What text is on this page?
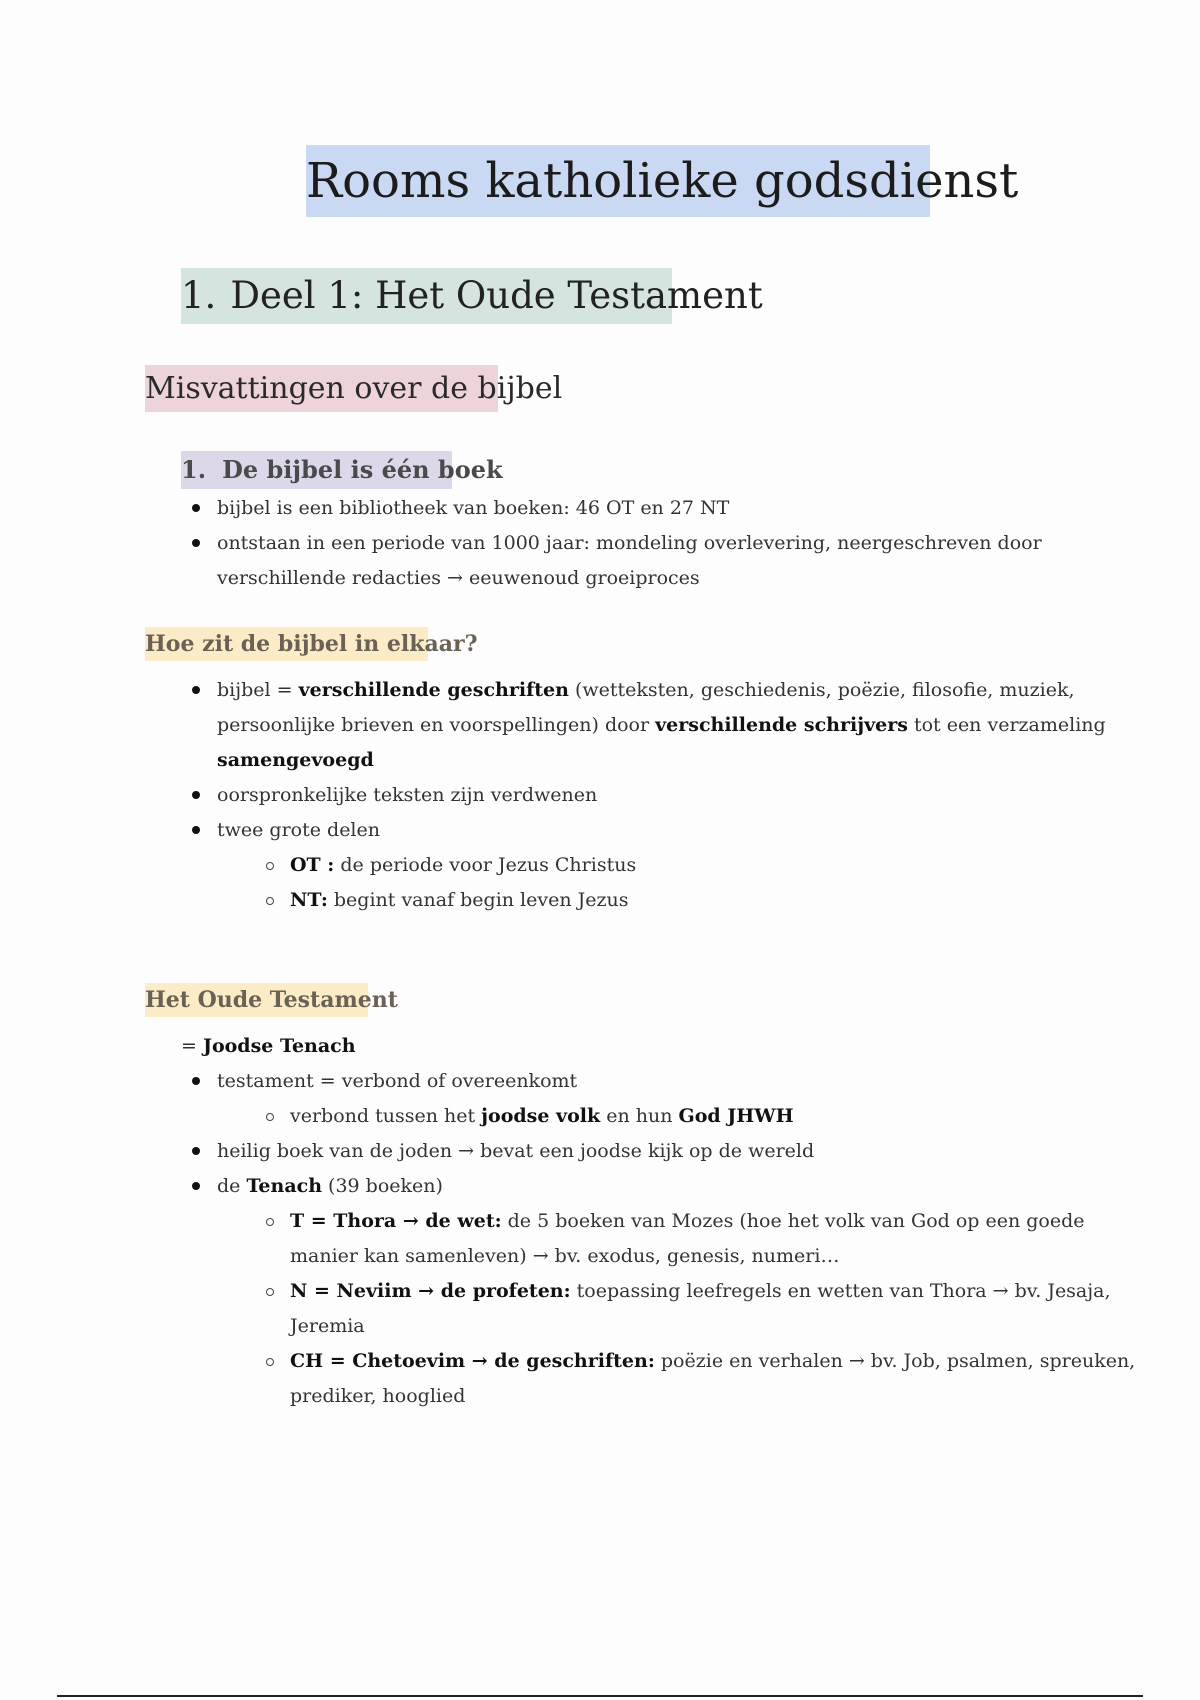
Rooms katholieke godsdienst
1. Deel 1: Het Oude Testament
Misvattingen over de bijbel
1. De bijbel is één boek
bijbel is een bibliotheek van boeken: 46 OT en 27 NT
ontstaan in een periode van 1000 jaar: mondeling overlevering, neergeschreven door
verschillende redacties → eeuwenoud groeiproces
Hoe zit de bijbel in elkaar?
bijbel = verschillende geschriften (wetteksten, geschiedenis, poëzie, filosofie, muziek,
persoonlijke brieven en voorspellingen) door verschillende schrijvers tot een verzameling
samengevoegd
oorspronkelijke teksten zijn verdwenen
twee grote delen
OT : de periode voor Jezus Christus
NT: begint vanaf begin leven Jezus
Het Oude Testament
= Joodse Tenach
testament = verbond of overeenkomt
verbond tussen het joodse volk en hun God JHWH
heilig boek van de joden → bevat een joodse kijk op de wereld
de Tenach (39 boeken)
T = Thora → de wet: de 5 boeken van Mozes (hoe het volk van God op een goede
manier kan samenleven) → bv. exodus, genesis, numeri…
N = Neviim → de profeten: toepassing leefregels en wetten van Thora → bv. Jesaja,
Jeremia
CH = Chetoevim → de geschriften: poëzie en verhalen → bv. Job, psalmen, spreuken,
prediker, hooglied
